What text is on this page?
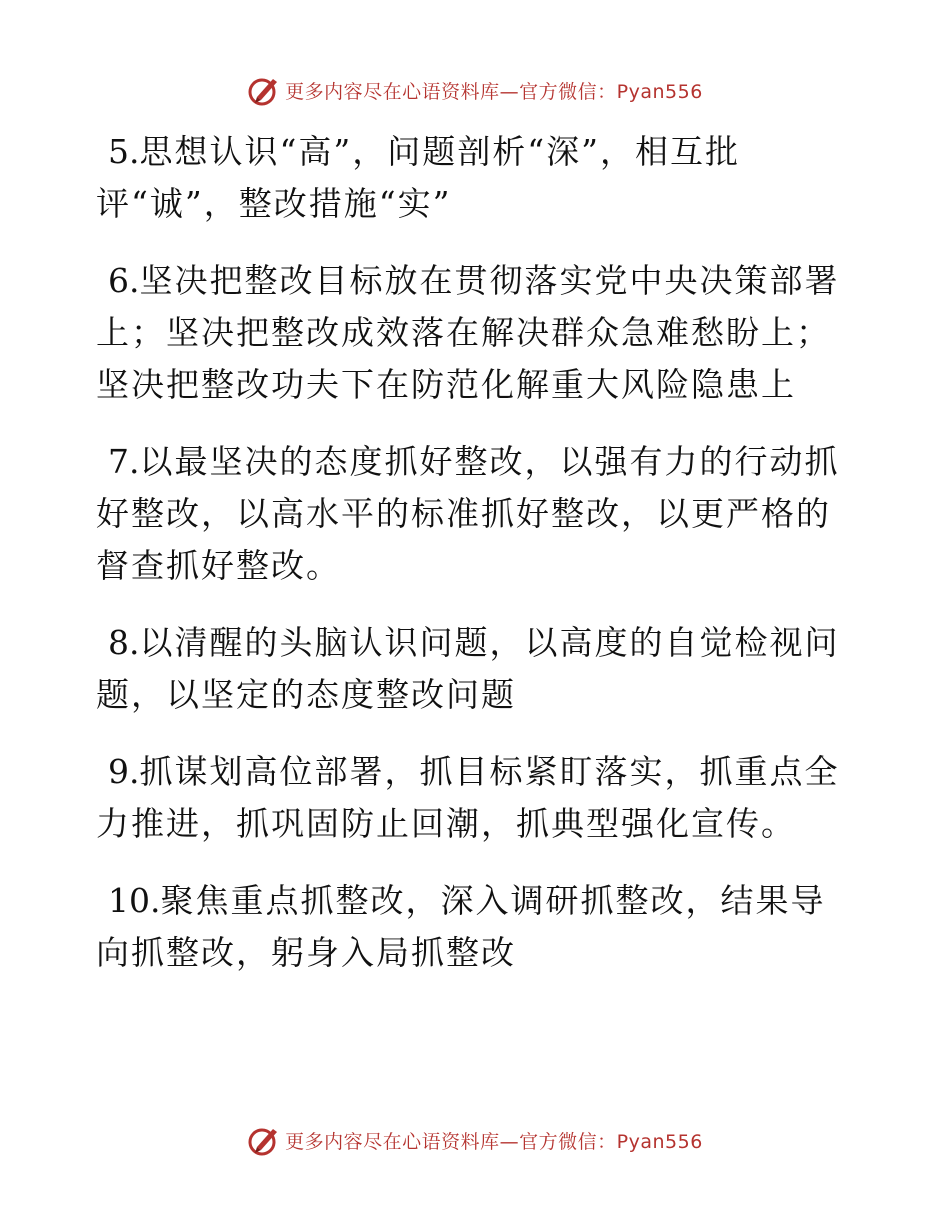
更多内容尽在心语资料库—官方微信：Pyan556

5.思想认识“高”，问题剖析“深”，相互批评“诚”，整改措施“实”

6.坚决把整改目标放在贯彻落实党中央决策部署上；坚决把整改成效落在解决群众急难愁盼上；坚决把整改功夫下在防范化解重大风险隐患上

7.以最坚决的态度抓好整改，以强有力的行动抓好整改，以高水平的标准抓好整改，以更严格的督查抓好整改。

8.以清醒的头脑认识问题，以高度的自觉检视问题，以坚定的态度整改问题

9.抓谋划高位部署，抓目标紧盯落实，抓重点全力推进，抓巩固防止回潮，抓典型强化宣传。

10.聚焦重点抓整改，深入调研抓整改，结果导向抓整改，躬身入局抓整改

更多内容尽在心语资料库—官方微信：Pyan556
